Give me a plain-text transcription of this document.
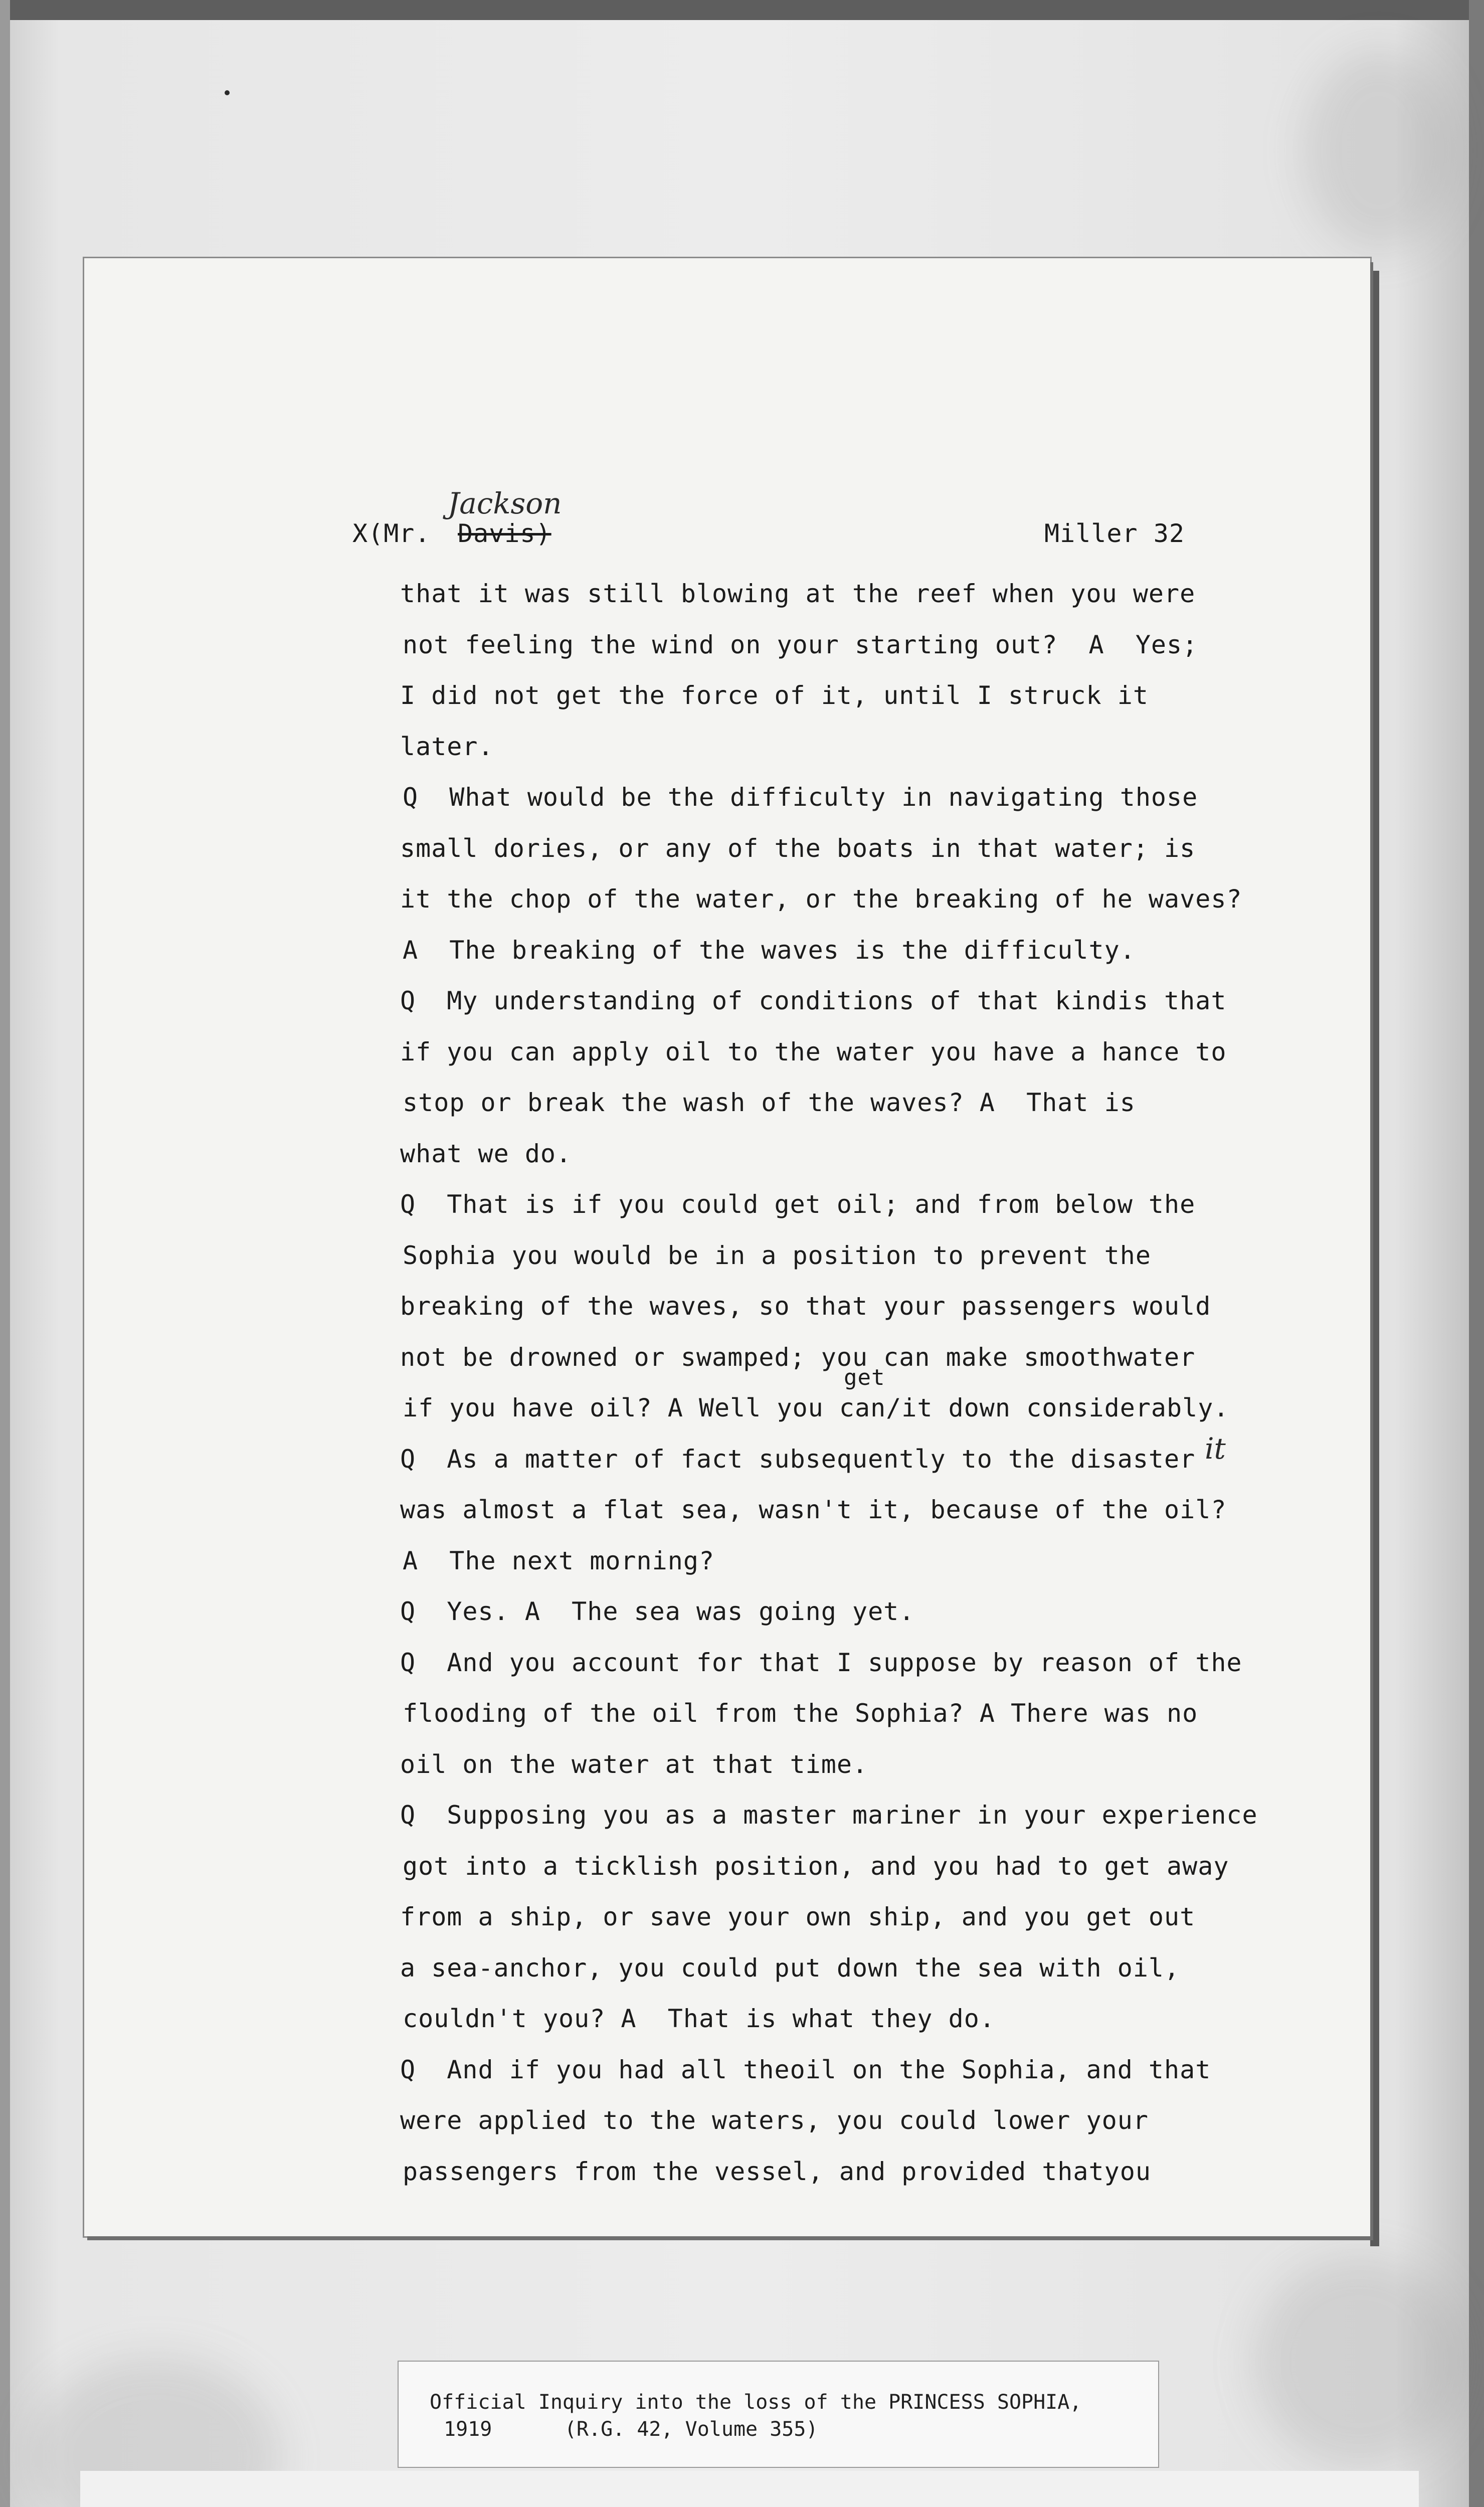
Miller 32
X(Mr. Davis)
Jackson
that it was still blowing at the reef when you were
not feeling the wind on your starting out?  A  Yes;
I did not get the force of it, until I struck it
later.
Q  What would be the difficulty in navigating those
small dories, or any of the boats in that water; is
it the chop of the water, or the breaking of he waves?
A  The breaking of the waves is the difficulty.
Q  My understanding of conditions of that kindis that
if you can apply oil to the water you have a hance to
stop or break the wash of the waves? A  That is
what we do.
Q  That is if you could get oil; and from below the
Sophia you would be in a position to prevent the
breaking of the waves, so that your passengers would
not be drowned or swamped; you can make smoothwater
if you have oil? A Well you can/it down considerably.
Q  As a matter of fact subsequently to the disaster
was almost a flat sea, wasn't it, because of the oil?
A  The next morning?
Q  Yes. A  The sea was going yet.
Q  And you account for that I suppose by reason of the
flooding of the oil from the Sophia? A There was no
oil on the water at that time.
Q  Supposing you as a master mariner in your experience
got into a ticklish position, and you had to get away
from a ship, or save your own ship, and you get out
a sea-anchor, you could put down the sea with oil,
couldn't you? A  That is what they do.
Q  And if you had all theoil on the Sophia, and that
were applied to the waters, you could lower your
passengers from the vessel, and provided thatyou
get
it
Official Inquiry into the loss of the PRINCESS SOPHIA,
1919      (R.G. 42, Volume 355)
